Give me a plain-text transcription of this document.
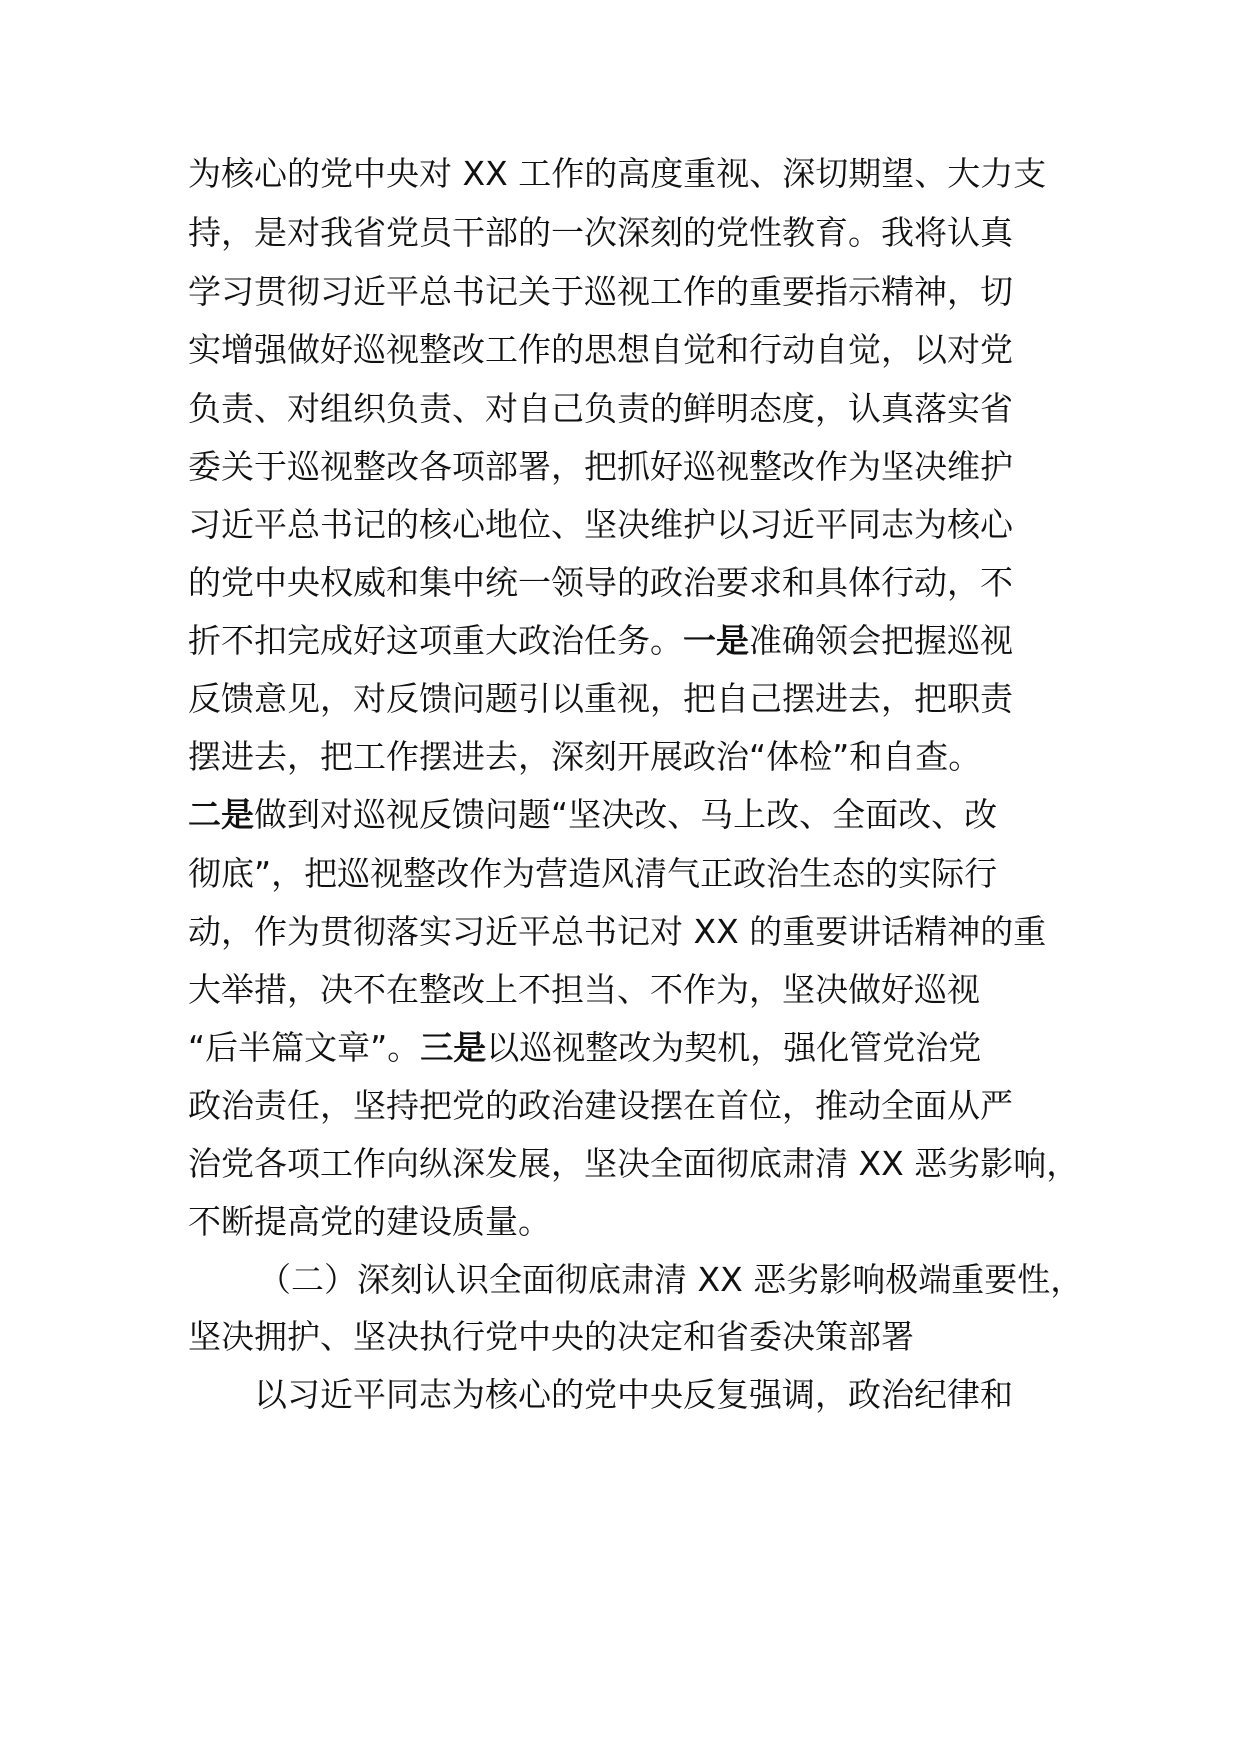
为核心的党中央对 XX 工作的高度重视、深切期望、大力支
持，是对我省党员干部的一次深刻的党性教育。我将认真
学习贯彻习近平总书记关于巡视工作的重要指示精神，切
实增强做好巡视整改工作的思想自觉和行动自觉，以对党
负责、对组织负责、对自己负责的鲜明态度，认真落实省
委关于巡视整改各项部署，把抓好巡视整改作为坚决维护
习近平总书记的核心地位、坚决维护以习近平同志为核心
的党中央权威和集中统一领导的政治要求和具体行动，不
折不扣完成好这项重大政治任务。一是准确领会把握巡视
反馈意见，对反馈问题引以重视，把自己摆进去，把职责
摆进去，把工作摆进去，深刻开展政治“体检”和自查。
二是做到对巡视反馈问题“坚决改、马上改、全面改、改
彻底”，把巡视整改作为营造风清气正政治生态的实际行
动，作为贯彻落实习近平总书记对 XX 的重要讲话精神的重
大举措，决不在整改上不担当、不作为，坚决做好巡视
“后半篇文章”。三是以巡视整改为契机，强化管党治党
政治责任，坚持把党的政治建设摆在首位，推动全面从严
治党各项工作向纵深发展，坚决全面彻底肃清 XX 恶劣影响，
不断提高党的建设质量。
（二）深刻认识全面彻底肃清 XX 恶劣影响极端重要性，
坚决拥护、坚决执行党中央的决定和省委决策部署
以习近平同志为核心的党中央反复强调，政治纪律和
